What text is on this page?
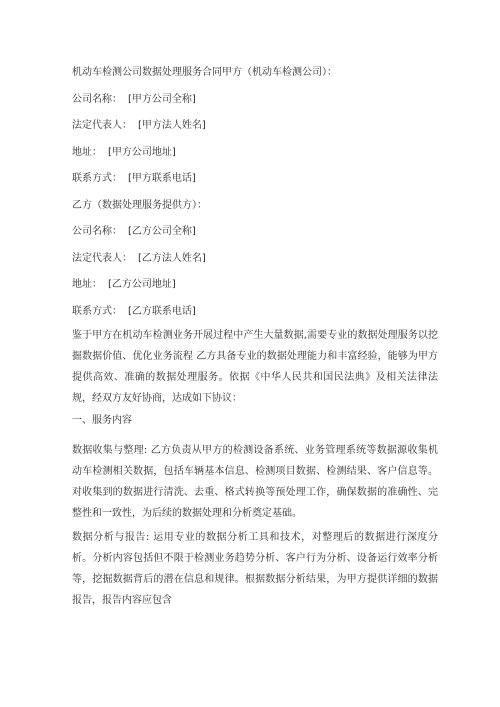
机动车检测公司数据处理服务合同甲方（机动车检测公司）：

公司名称： [甲方公司全称]

法定代表人： [甲方法人姓名]

地址： [甲方公司地址]

联系方式： [甲方联系电话]

乙方（数据处理服务提供方）：

公司名称： [乙方公司全称]

法定代表人： [乙方法人姓名]

地址： [乙方公司地址]

联系方式： [乙方联系电话]

鉴于甲方在机动车检测业务开展过程中产生大量数据,需要专业的数据处理服务以挖掘数据价值、优化业务流程 乙方具备专业的数据处理能力和丰富经验，能够为甲方提供高效、准确的数据处理服务。依据《中华人民共和国民法典》及相关法律法规，经双方友好协商，达成如下协议：

一、服务内容

数据收集与整理: 乙方负责从甲方的检测设备系统、业务管理系统等数据源收集机动车检测相关数据，包括车辆基本信息、检测项目数据、检测结果、客户信息等。对收集到的数据进行清洗、去重、格式转换等预处理工作，确保数据的准确性、完整性和一致性，为后续的数据处理和分析奠定基础。

数据分析与报告: 运用专业的数据分析工具和技术，对整理后的数据进行深度分析。分析内容包括但不限于检测业务趋势分析、客户行为分析、设备运行效率分析等，挖掘数据背后的潜在信息和规律。根据数据分析结果，为甲方提供详细的数据报告，报告内容应包含
